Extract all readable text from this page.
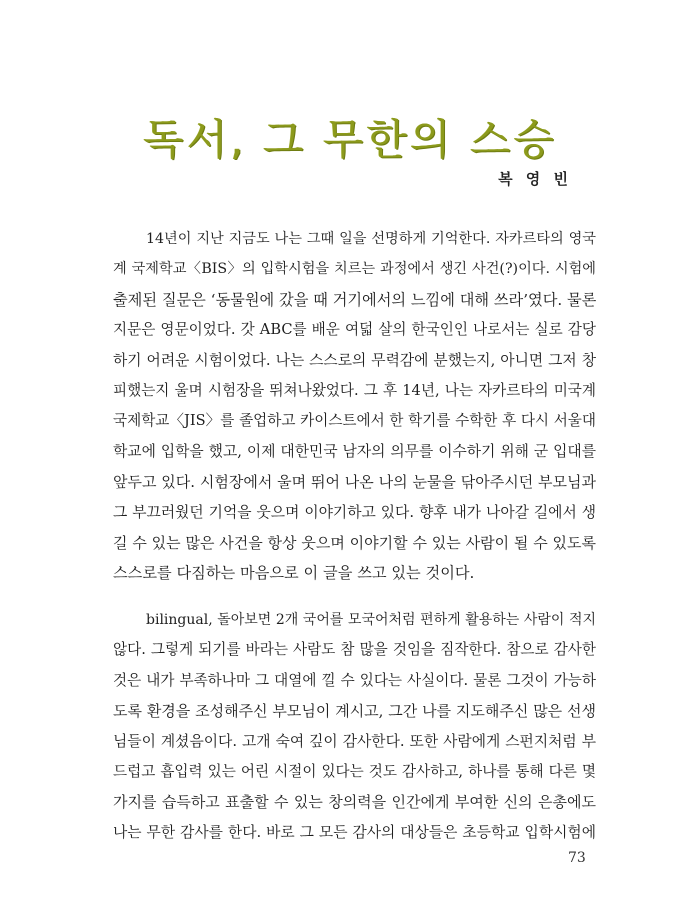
독서, 그 무한의 스승
복 영 빈
14년이 지난 지금도 나는 그때 일을 선명하게 기억한다. 자카르타의 영국
계 국제학교〈BIS〉의 입학시험을 치르는 과정에서 생긴 사건(?)이다. 시험에
출제된 질문은 ‘동물원에 갔을 때 거기에서의 느낌에 대해 쓰라’였다. 물론
지문은 영문이었다. 갓 ABC를 배운 여덟 살의 한국인인 나로서는 실로 감당
하기 어려운 시험이었다. 나는 스스로의 무력감에 분했는지, 아니면 그저 창
피했는지 울며 시험장을 뛰쳐나왔었다. 그 후 14년, 나는 자카르타의 미국계
국제학교〈JIS〉를 졸업하고 카이스트에서 한 학기를 수학한 후 다시 서울대
학교에 입학을 했고, 이제 대한민국 남자의 의무를 이수하기 위해 군 입대를
앞두고 있다. 시험장에서 울며 뛰어 나온 나의 눈물을 닦아주시던 부모님과
그 부끄러웠던 기억을 웃으며 이야기하고 있다. 향후 내가 나아갈 길에서 생
길 수 있는 많은 사건을 항상 웃으며 이야기할 수 있는 사람이 될 수 있도록
스스로를 다짐하는 마음으로 이 글을 쓰고 있는 것이다.
bilingual, 돌아보면 2개 국어를 모국어처럼 편하게 활용하는 사람이 적지
않다. 그렇게 되기를 바라는 사람도 참 많을 것임을 짐작한다. 참으로 감사한
것은 내가 부족하나마 그 대열에 낄 수 있다는 사실이다. 물론 그것이 가능하
도록 환경을 조성해주신 부모님이 계시고, 그간 나를 지도해주신 많은 선생
님들이 계셨음이다. 고개 숙여 깊이 감사한다. 또한 사람에게 스펀지처럼 부
드럽고 흡입력 있는 어린 시절이 있다는 것도 감사하고, 하나를 통해 다른 몇
가지를 습득하고 표출할 수 있는 창의력을 인간에게 부여한 신의 은총에도
나는 무한 감사를 한다. 바로 그 모든 감사의 대상들은 초등학교 입학시험에
73
